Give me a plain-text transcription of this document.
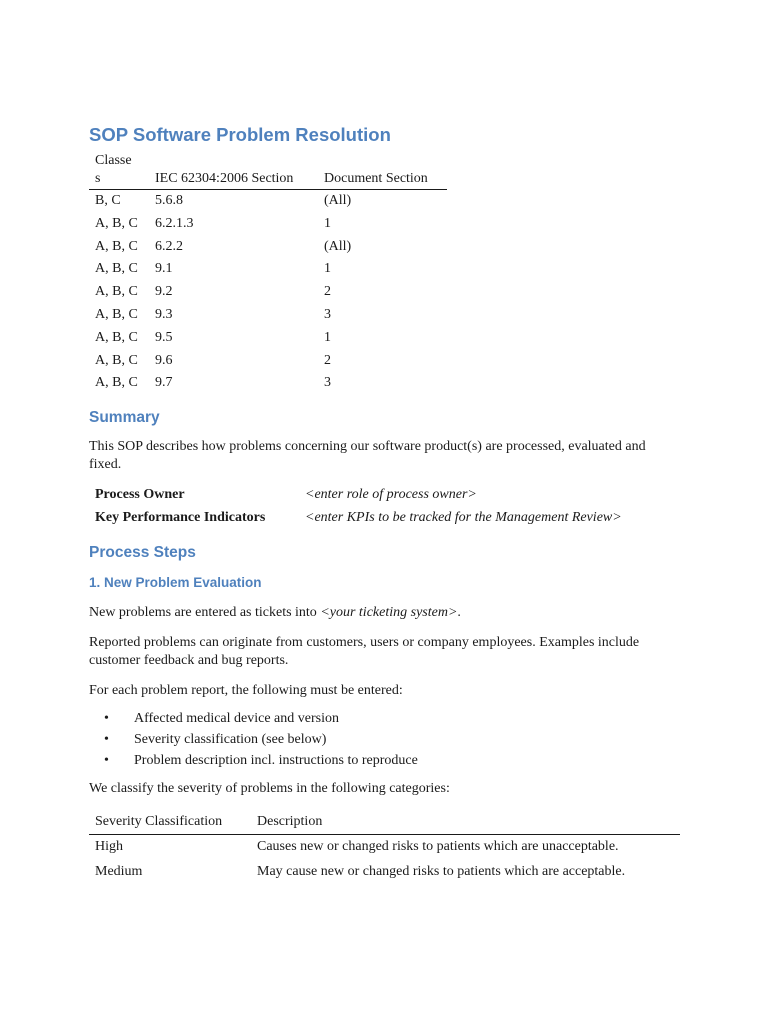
SOP Software Problem Resolution
Classe
s	IEC 62304:2006 Section	Document Section
B, C	5.6.8	(All)
A, B, C	6.2.1.3	1
A, B, C	6.2.2	(All)
A, B, C	9.1	1
A, B, C	9.2	2
A, B, C	9.3	3
A, B, C	9.5	1
A, B, C	9.6	2
A, B, C	9.7	3
Summary

This SOP describes how problems concerning our software product(s) are processed, evaluated and fixed.

Process Owner	<enter role of process owner>
Key Performance Indicators	<enter KPIs to be tracked for the Management Review>
Process Steps
1. New Problem Evaluation

New problems are entered as tickets into <your ticketing system>.

Reported problems can originate from customers, users or company employees. Examples include customer feedback and bug reports.

For each problem report, the following must be entered:

• Affected medical device and version
• Severity classification (see below)
• Problem description incl. instructions to reproduce

We classify the severity of problems in the following categories:

Severity Classification	Description
High	Causes new or changed risks to patients which are unacceptable.
Medium	May cause new or changed risks to patients which are acceptable.
